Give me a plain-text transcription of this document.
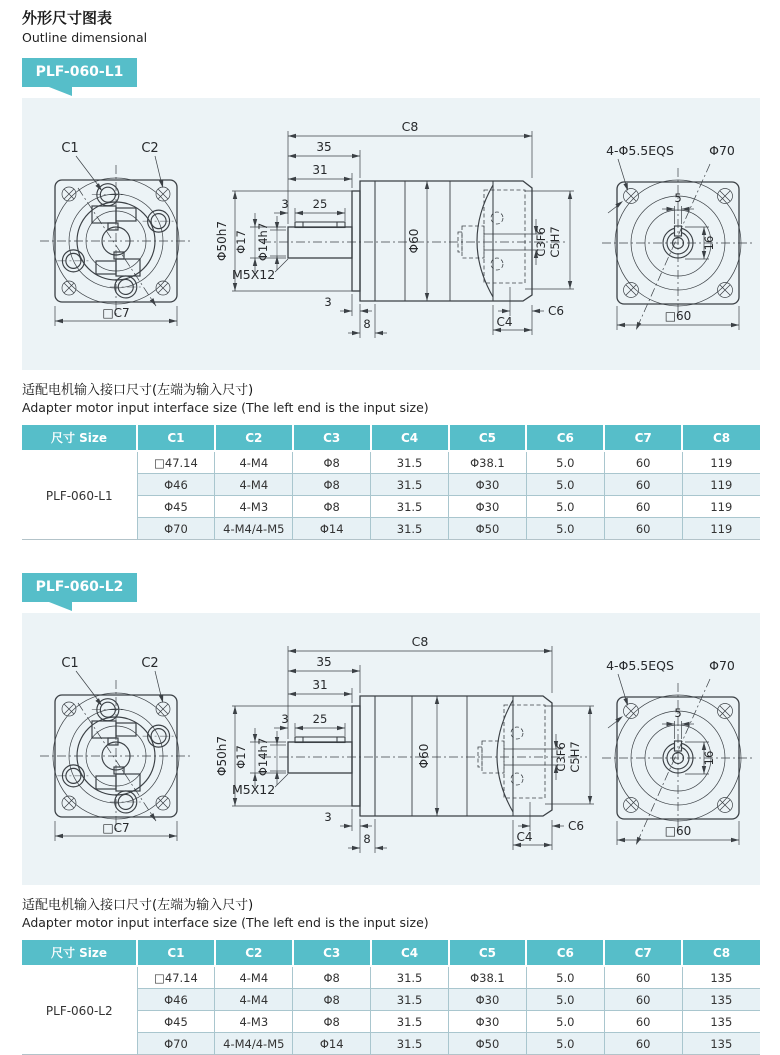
外形尺寸图表
Outline dimensional
PLF-060-L1
C1	C2
□C7
C8
35
31
3 25
Φ17 Φ14h7
Φ50h7
M5X12
Φ60	C3F6 C5H7
C6
C4
3
8
4-Φ5.5EQS	Φ70
5
16
□60
适配电机输入接口尺寸(左端为输入尺寸)
Adapter motor input interface size (The left end is the input size)
尺寸 Size	C1	C2	C3	C4	C5	C6	C7	C8
PLF-060-L1	□47.14	4-M4	Φ8	31.5	Φ38.1	5.0	60	119
	Φ46	4-M4	Φ8	31.5	Φ30	5.0	60	119
	Φ45	4-M3	Φ8	31.5	Φ30	5.0	60	119
	Φ70	4-M4/4-M5	Φ14	31.5	Φ50	5.0	60	119
PLF-060-L2
C1	C2
□C7
C8
35
31
3 25
Φ17 Φ14h7
Φ50h7
M5X12
Φ60	C3F6 C5H7
C6
C4
3
8
4-Φ5.5EQS	Φ70
5
16
□60
适配电机输入接口尺寸(左端为输入尺寸)
Adapter motor input interface size (The left end is the input size)
尺寸 Size	C1	C2	C3	C4	C5	C6	C7	C8
PLF-060-L2	□47.14	4-M4	Φ8	31.5	Φ38.1	5.0	60	135
	Φ46	4-M4	Φ8	31.5	Φ30	5.0	60	135
	Φ45	4-M3	Φ8	31.5	Φ30	5.0	60	135
	Φ70	4-M4/4-M5	Φ14	31.5	Φ50	5.0	60	135
